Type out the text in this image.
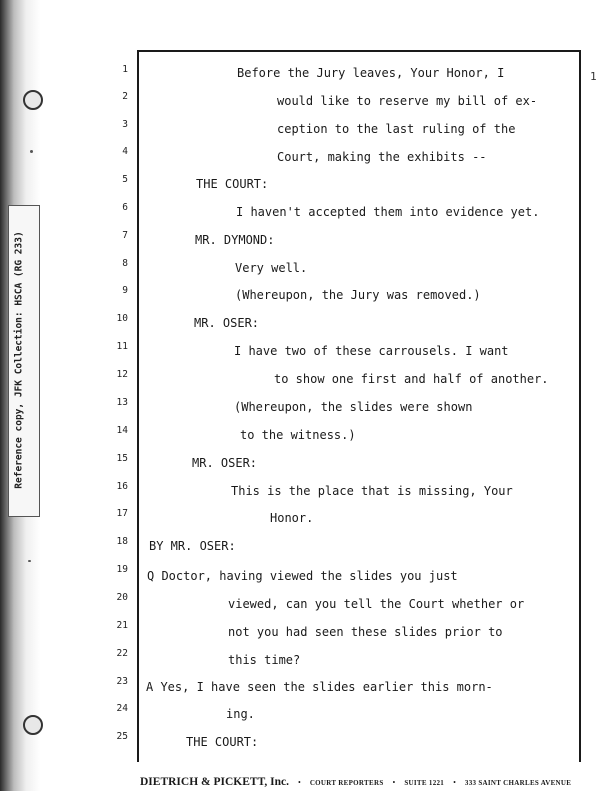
Reference copy, JFK Collection: HSCA (RG 233)
1
1
2
3
4
5
6
7
8
9
10
11
12
13
14
15
16
17
18
19
20
21
22
23
24
25
Before the Jury leaves, Your Honor, I
would like to reserve my bill of ex-
ception to the last ruling of the
Court, making the exhibits --
THE COURT:
I haven't accepted them into evidence yet.
MR. DYMOND:
Very well.
(Whereupon, the Jury was removed.)
MR. OSER:
I have two of these carrousels. I want
to show one first and half of another.
(Whereupon, the slides were shown
to the witness.)
MR. OSER:
This is the place that is missing, Your
Honor.
BY MR. OSER:
Q Doctor, having viewed the slides you just
viewed, can you tell the Court whether or
not you had seen these slides prior to
this time?
A Yes, I have seen the slides earlier this morn-
ing.
THE COURT:
DIETRICH & PICKETT, Inc. • COURT REPORTERS • SUITE 1221 • 333 SAINT CHARLES AVENUE
